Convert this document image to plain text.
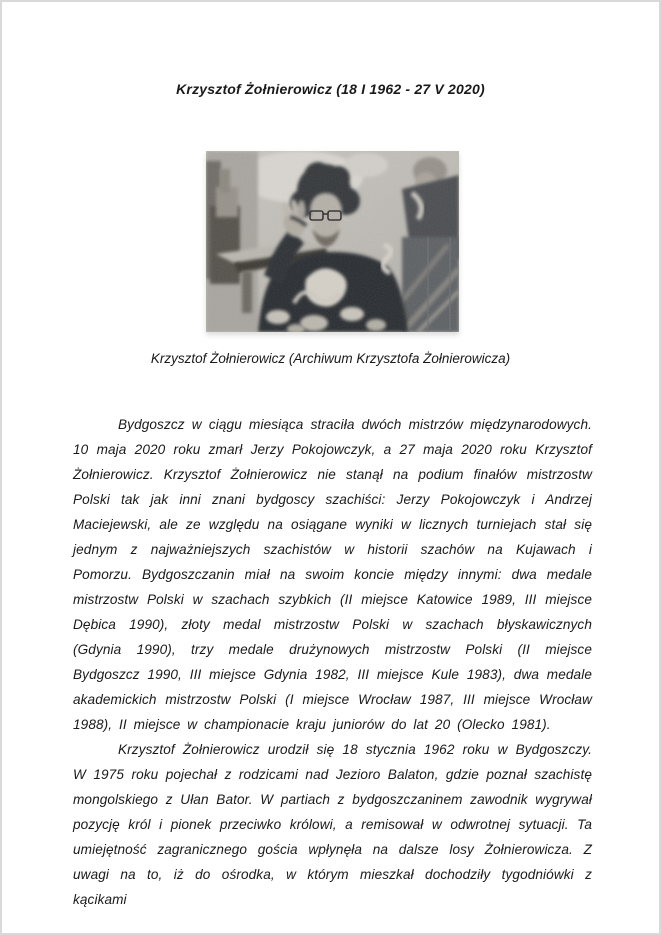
Krzysztof Żołnierowicz (18 I 1962 - 27 V 2020)
Krzysztof Żołnierowicz (Archiwum Krzysztofa Żołnierowicza)

Bydgoszcz w ciągu miesiąca straciła dwóch mistrzów międzynarodowych. 10 maja 2020 roku zmarł Jerzy Pokojowczyk, a 27 maja 2020 roku Krzysztof Żołnierowicz. Krzysztof Żołnierowicz nie stanął na podium finałów mistrzostw Polski tak jak inni znani bydgoscy szachiści: Jerzy Pokojowczyk i Andrzej Maciejewski, ale ze względu na osiągane wyniki w licznych turniejach stał się jednym z najważniejszych szachistów w historii szachów na Kujawach i Pomorzu. Bydgoszczanin miał na swoim koncie między innymi: dwa medale mistrzostw Polski w szachach szybkich (II miejsce Katowice 1989, III miejsce Dębica 1990), złoty medal mistrzostw Polski w szachach błyskawicznych (Gdynia 1990), trzy medale drużynowych mistrzostw Polski (II miejsce Bydgoszcz 1990, III miejsce Gdynia 1982, III miejsce Kule 1983), dwa medale akademickich mistrzostw Polski (I miejsce Wrocław 1987, III miejsce Wrocław 1988), II miejsce w championacie kraju juniorów do lat 20 (Olecko 1981).

Krzysztof Żołnierowicz urodził się 18 stycznia 1962 roku w Bydgoszczy. W 1975 roku pojechał z rodzicami nad Jezioro Balaton, gdzie poznał szachistę mongolskiego z Ułan Bator. W partiach z bydgoszczaninem zawodnik wygrywał pozycję król i pionek przeciwko królowi, a remisował w odwrotnej sytuacji. Ta umiejętność zagranicznego gościa wpłynęła na dalsze losy Żołnierowicza. Z uwagi na to, iż do ośrodka, w którym mieszkał dochodziły tygodniówki z kącikami
